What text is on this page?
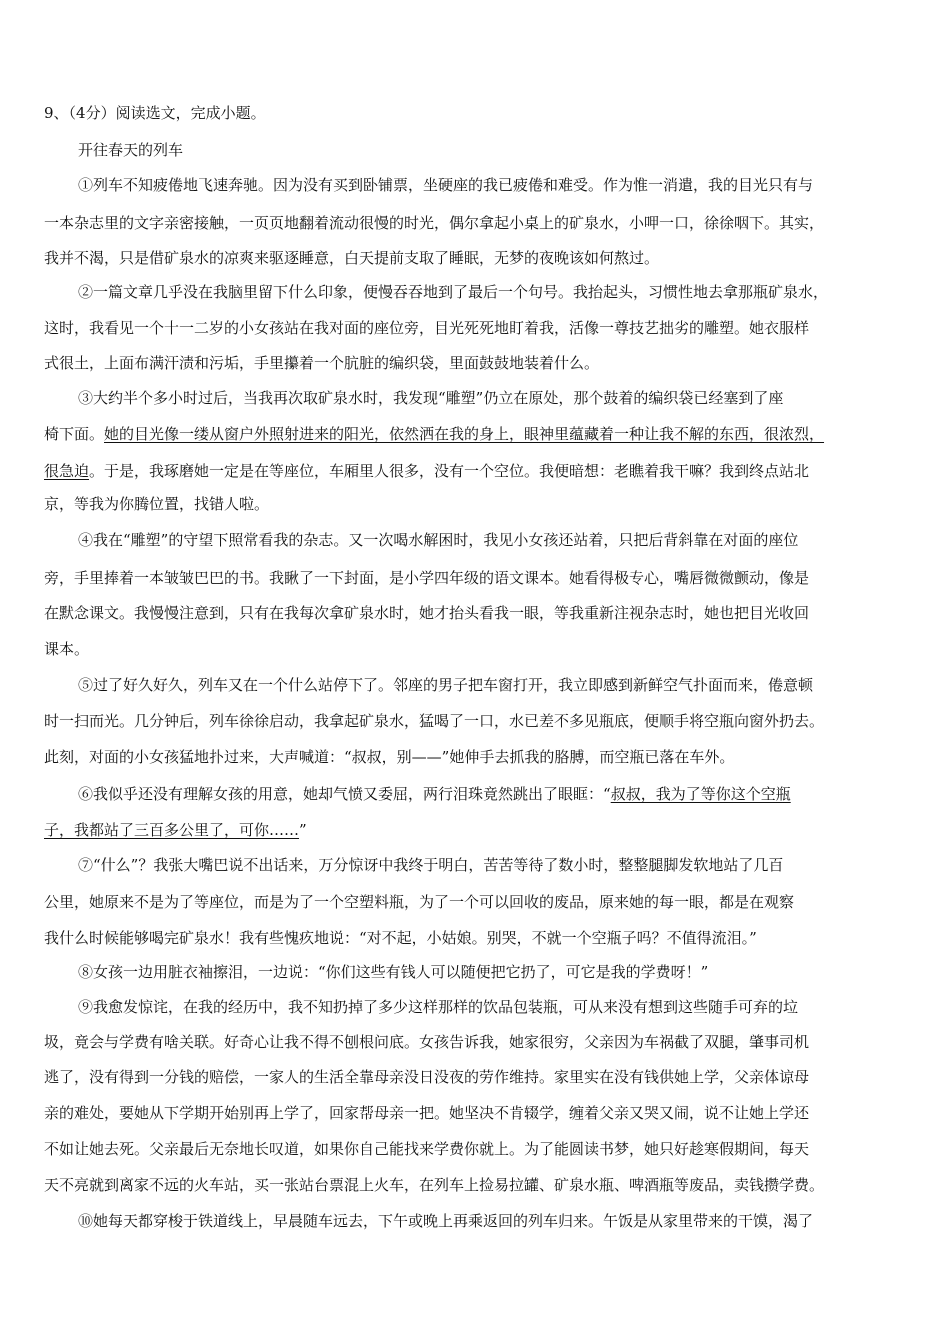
9、（4分）阅读选文，完成小题。
开往春天的列车
①列车不知疲倦地飞速奔驰。因为没有买到卧铺票，坐硬座的我已疲倦和难受。作为惟一消遣，我的目光只有与
一本杂志里的文字亲密接触，一页页地翻着流动很慢的时光，偶尔拿起小桌上的矿泉水，小呷一口，徐徐咽下。其实，
我并不渴，只是借矿泉水的凉爽来驱逐睡意，白天提前支取了睡眠，无梦的夜晚该如何熬过。
②一篇文章几乎没在我脑里留下什么印象，便慢吞吞地到了最后一个句号。我抬起头，习惯性地去拿那瓶矿泉水，
这时，我看见一个十一二岁的小女孩站在我对面的座位旁，目光死死地盯着我，活像一尊技艺拙劣的雕塑。她衣服样
式很土，上面布满汗渍和污垢，手里攥着一个肮脏的编织袋，里面鼓鼓地装着什么。
③大约半个多小时过后，当我再次取矿泉水时，我发现“雕塑”仍立在原处，那个鼓着的编织袋已经塞到了座
椅下面。她的目光像一缕从窗户外照射进来的阳光，依然洒在我的身上，眼神里蕴藏着一种让我不解的东西，很浓烈，
很急迫。于是，我琢磨她一定是在等座位，车厢里人很多，没有一个空位。我便暗想：老瞧着我干嘛？我到终点站北
京，等我为你腾位置，找错人啦。
④我在“雕塑”的守望下照常看我的杂志。又一次喝水解困时，我见小女孩还站着，只把后背斜靠在对面的座位
旁，手里捧着一本皱皱巴巴的书。我瞅了一下封面，是小学四年级的语文课本。她看得极专心，嘴唇微微颤动，像是
在默念课文。我慢慢注意到，只有在我每次拿矿泉水时，她才抬头看我一眼，等我重新注视杂志时，她也把目光收回
课本。
⑤过了好久好久，列车又在一个什么站停下了。邻座的男子把车窗打开，我立即感到新鲜空气扑面而来，倦意顿
时一扫而光。几分钟后，列车徐徐启动，我拿起矿泉水，猛喝了一口，水已差不多见瓶底，便顺手将空瓶向窗外扔去。
此刻，对面的小女孩猛地扑过来，大声喊道：“叔叔，别——”她伸手去抓我的胳膊，而空瓶已落在车外。
⑥我似乎还没有理解女孩的用意，她却气愤又委屈，两行泪珠竟然跳出了眼眶：“叔叔，我为了等你这个空瓶
子，我都站了三百多公里了，可你……”
⑦“什么”？我张大嘴巴说不出话来，万分惊讶中我终于明白，苦苦等待了数小时，整整腿脚发软地站了几百
公里，她原来不是为了等座位，而是为了一个空塑料瓶，为了一个可以回收的废品，原来她的每一眼，都是在观察
我什么时候能够喝完矿泉水！我有些愧疚地说：“对不起，小姑娘。别哭，不就一个空瓶子吗？不值得流泪。”
⑧女孩一边用脏衣袖擦泪，一边说：“你们这些有钱人可以随便把它扔了，可它是我的学费呀！”
⑨我愈发惊诧，在我的经历中，我不知扔掉了多少这样那样的饮品包装瓶，可从来没有想到这些随手可弃的垃
圾，竟会与学费有啥关联。好奇心让我不得不刨根问底。女孩告诉我，她家很穷，父亲因为车祸截了双腿，肇事司机
逃了，没有得到一分钱的赔偿，一家人的生活全靠母亲没日没夜的劳作维持。家里实在没有钱供她上学，父亲体谅母
亲的难处，要她从下学期开始别再上学了，回家帮母亲一把。她坚决不肯辍学，缠着父亲又哭又闹，说不让她上学还
不如让她去死。父亲最后无奈地长叹道，如果你自己能找来学费你就上。为了能圆读书梦，她只好趁寒假期间，每天
天不亮就到离家不远的火车站，买一张站台票混上火车，在列车上捡易拉罐、矿泉水瓶、啤酒瓶等废品，卖钱攒学费。
⑩她每天都穿梭于铁道线上，早晨随车远去，下午或晚上再乘返回的列车归来。午饭是从家里带来的干馍，渴了
